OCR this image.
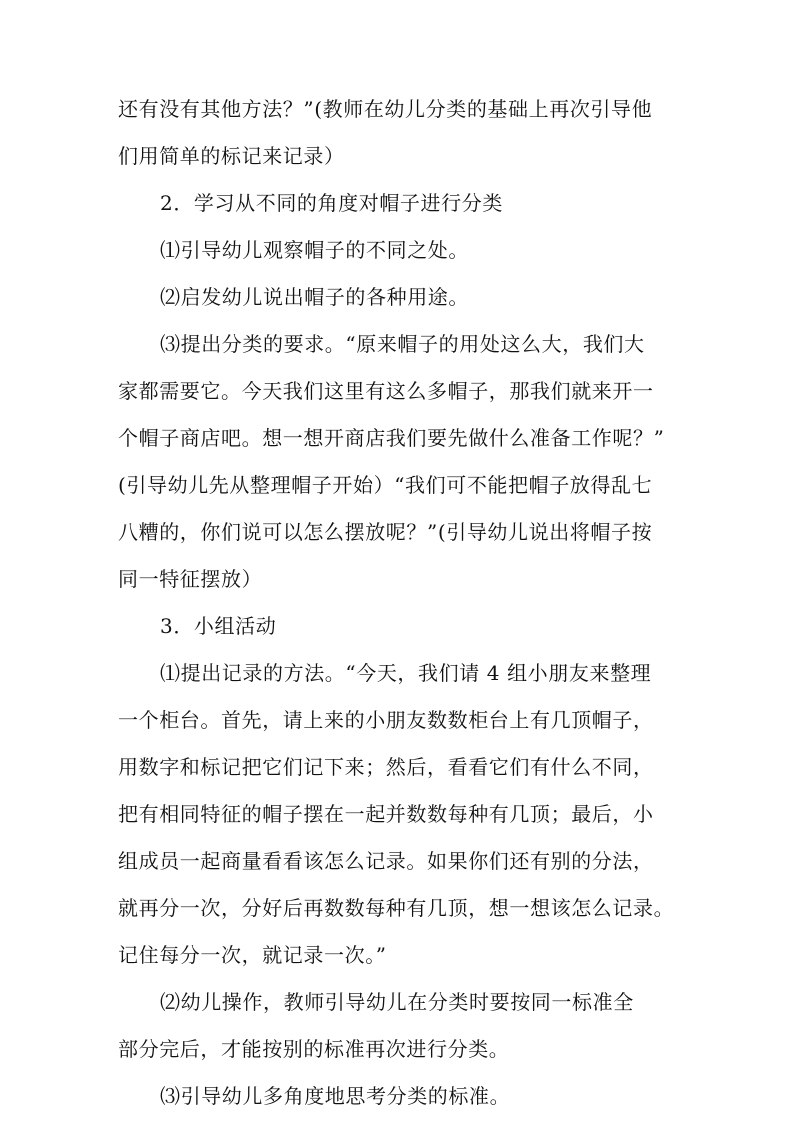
还有没有其他方法？”(教师在幼儿分类的基础上再次引导他
们用简单的标记来记录）
2．学习从不同的角度对帽子进行分类
⑴引导幼儿观察帽子的不同之处。
⑵启发幼儿说出帽子的各种用途。
⑶提出分类的要求。“原来帽子的用处这么大，我们大
家都需要它。今天我们这里有这么多帽子，那我们就来开一
个帽子商店吧。想一想开商店我们要先做什么准备工作呢？”
(引导幼儿先从整理帽子开始）“我们可不能把帽子放得乱七
八糟的，你们说可以怎么摆放呢？”(引导幼儿说出将帽子按
同一特征摆放）
3．小组活动
⑴提出记录的方法。“今天，我们请 4 组小朋友来整理
一个柜台。首先，请上来的小朋友数数柜台上有几顶帽子，
用数字和标记把它们记下来；然后，看看它们有什么不同，
把有相同特征的帽子摆在一起并数数每种有几顶；最后，小
组成员一起商量看看该怎么记录。如果你们还有别的分法，
就再分一次，分好后再数数每种有几顶，想一想该怎么记录。
记住每分一次，就记录一次。”
⑵幼儿操作，教师引导幼儿在分类时要按同一标准全
部分完后，才能按别的标准再次进行分类。
⑶引导幼儿多角度地思考分类的标准。
